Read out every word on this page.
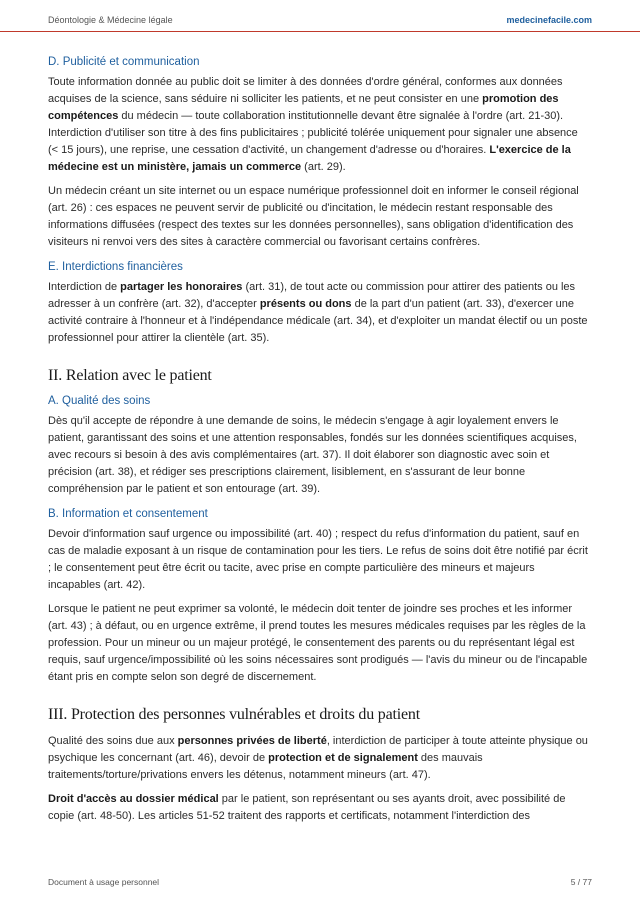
Déontologie & Médecine légale	medecinefacile.com
D. Publicité et communication

Toute information donnée au public doit se limiter à des données d'ordre général, conformes aux données acquises de la science, sans séduire ni solliciter les patients, et ne peut consister en une promotion des compétences du médecin — toute collaboration institutionnelle devant être signalée à l'ordre (art. 21-30). Interdiction d'utiliser son titre à des fins publicitaires ; publicité tolérée uniquement pour signaler une absence (< 15 jours), une reprise, une cessation d'activité, un changement d'adresse ou d'horaires. L'exercice de la médecine est un ministère, jamais un commerce (art. 29).

Un médecin créant un site internet ou un espace numérique professionnel doit en informer le conseil régional (art. 26) : ces espaces ne peuvent servir de publicité ou d'incitation, le médecin restant responsable des informations diffusées (respect des textes sur les données personnelles), sans obligation d'identification des visiteurs ni renvoi vers des sites à caractère commercial ou favorisant certains confrères.

E. Interdictions financières

Interdiction de partager les honoraires (art. 31), de tout acte ou commission pour attirer des patients ou les adresser à un confrère (art. 32), d'accepter présents ou dons de la part d'un patient (art. 33), d'exercer une activité contraire à l'honneur et à l'indépendance médicale (art. 34), et d'exploiter un mandat électif ou un poste professionnel pour attirer la clientèle (art. 35).

II. Relation avec le patient
A. Qualité des soins

Dès qu'il accepte de répondre à une demande de soins, le médecin s'engage à agir loyalement envers le patient, garantissant des soins et une attention responsables, fondés sur les données scientifiques acquises, avec recours si besoin à des avis complémentaires (art. 37). Il doit élaborer son diagnostic avec soin et précision (art. 38), et rédiger ses prescriptions clairement, lisiblement, en s'assurant de leur bonne compréhension par le patient et son entourage (art. 39).

B. Information et consentement

Devoir d'information sauf urgence ou impossibilité (art. 40) ; respect du refus d'information du patient, sauf en cas de maladie exposant à un risque de contamination pour les tiers. Le refus de soins doit être notifié par écrit ; le consentement peut être écrit ou tacite, avec prise en compte particulière des mineurs et majeurs incapables (art. 42).

Lorsque le patient ne peut exprimer sa volonté, le médecin doit tenter de joindre ses proches et les informer (art. 43) ; à défaut, ou en urgence extrême, il prend toutes les mesures médicales requises par les règles de la profession. Pour un mineur ou un majeur protégé, le consentement des parents ou du représentant légal est requis, sauf urgence/impossibilité où les soins nécessaires sont prodigués — l'avis du mineur ou de l'incapable étant pris en compte selon son degré de discernement.

III. Protection des personnes vulnérables et droits du patient

Qualité des soins due aux personnes privées de liberté, interdiction de participer à toute atteinte physique ou psychique les concernant (art. 46), devoir de protection et de signalement des mauvais traitements/torture/privations envers les détenus, notamment mineurs (art. 47).

Droit d'accès au dossier médical par le patient, son représentant ou ses ayants droit, avec possibilité de copie (art. 48-50). Les articles 51-52 traitent des rapports et certificats, notamment l'interdiction des

Document à usage personnel	5 / 77
